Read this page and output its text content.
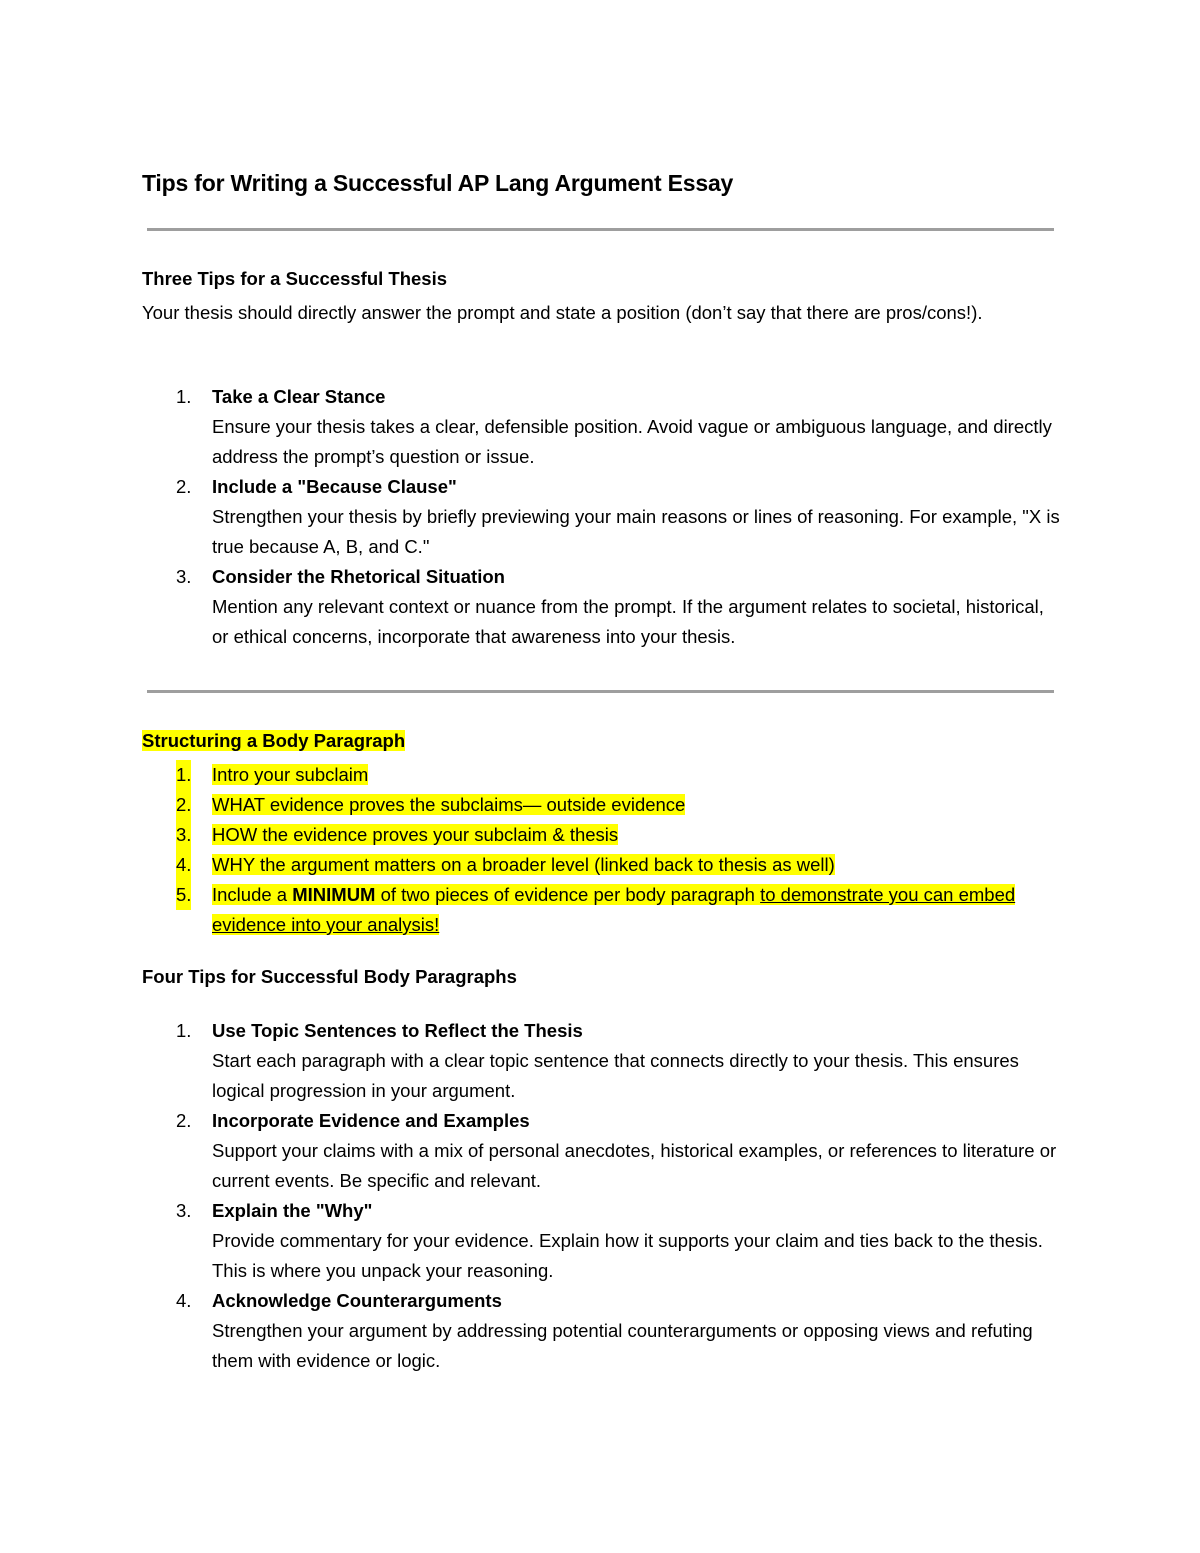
Tips for Writing a Successful AP Lang Argument Essay
Three Tips for a Successful Thesis

Your thesis should directly answer the prompt and state a position (don’t say that there are pros/cons!).

1. Take a Clear Stance
Ensure your thesis takes a clear, defensible position. Avoid vague or ambiguous language, and directly address the prompt’s question or issue.
2. Include a "Because Clause"
Strengthen your thesis by briefly previewing your main reasons or lines of reasoning. For example, "X is true because A, B, and C."
3. Consider the Rhetorical Situation
Mention any relevant context or nuance from the prompt. If the argument relates to societal, historical, or ethical concerns, incorporate that awareness into your thesis.
Structuring a Body Paragraph
1. Intro your subclaim
2. WHAT evidence proves the subclaims— outside evidence
3. HOW the evidence proves your subclaim & thesis
4. WHY the argument matters on a broader level (linked back to thesis as well)
5. Include a MINIMUM of two pieces of evidence per body paragraph to demonstrate you can embed evidence into your analysis!
Four Tips for Successful Body Paragraphs
1. Use Topic Sentences to Reflect the Thesis
Start each paragraph with a clear topic sentence that connects directly to your thesis. This ensures logical progression in your argument.
2. Incorporate Evidence and Examples
Support your claims with a mix of personal anecdotes, historical examples, or references to literature or current events. Be specific and relevant.
3. Explain the "Why"
Provide commentary for your evidence. Explain how it supports your claim and ties back to the thesis. This is where you unpack your reasoning.
4. Acknowledge Counterarguments
Strengthen your argument by addressing potential counterarguments or opposing views and refuting them with evidence or logic.
